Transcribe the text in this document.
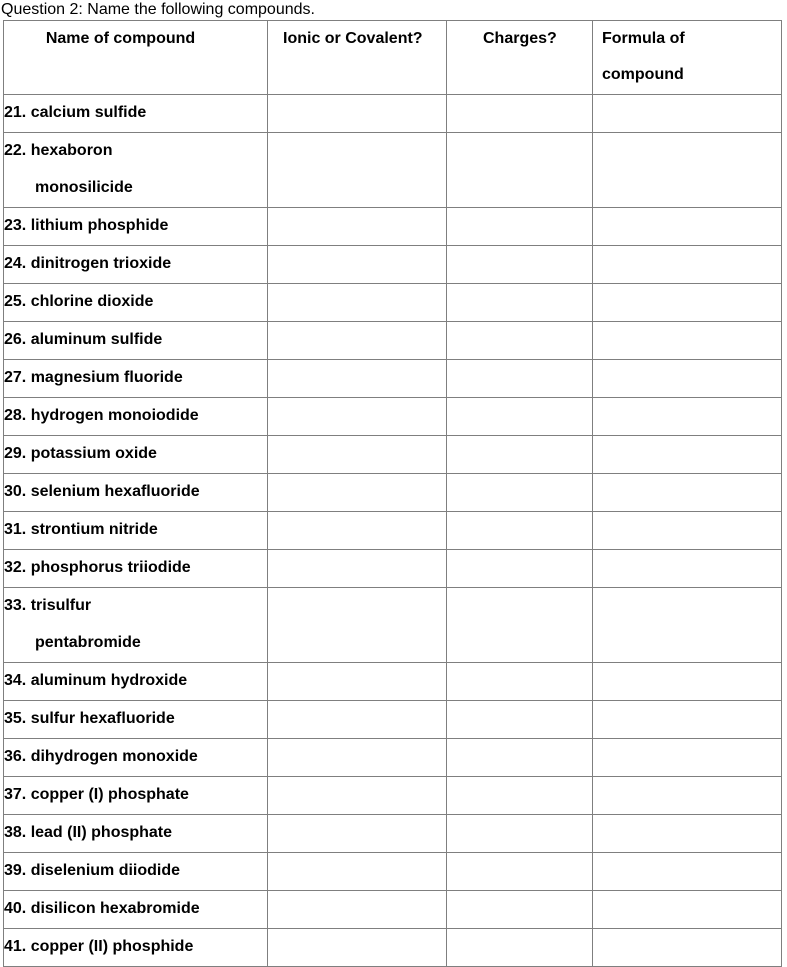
Question 2: Name the following compounds.
Name of compound	Ionic or Covalent?	Charges?	Formula of
compound

21. calcium sulfide			

22. hexaboron
monosilicide			

23. lithium phosphide			

24. dinitrogen trioxide			

25. chlorine dioxide			

26. aluminum sulfide			

27. magnesium fluoride			

28. hydrogen monoiodide			

29. potassium oxide			

30. selenium hexafluoride			

31. strontium nitride			

32. phosphorus triiodide			

33. trisulfur
pentabromide			

34. aluminum hydroxide			

35. sulfur hexafluoride			

36. dihydrogen monoxide			

37. copper (I) phosphate			

38. lead (II) phosphate			

39. diselenium diiodide			

40. disilicon hexabromide			

41. copper (II) phosphide			
